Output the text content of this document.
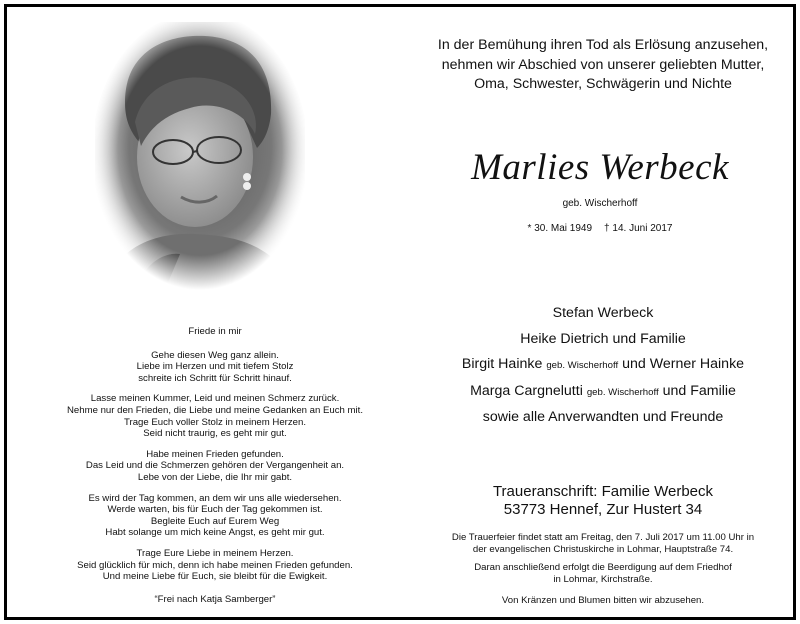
Friede in mir
Gehe diesen Weg ganz allein.
Liebe im Herzen und mit tiefem Stolz
schreite ich Schritt für Schritt hinauf.
Lasse meinen Kummer, Leid und meinen Schmerz zurück.
Nehme nur den Frieden, die Liebe und meine Gedanken an Euch mit.
Trage Euch voller Stolz in meinem Herzen.
Seid nicht traurig, es geht mir gut.
Habe meinen Frieden gefunden.
Das Leid und die Schmerzen gehören der Vergangenheit an.
Lebe von der Liebe, die Ihr mir gabt.
Es wird der Tag kommen, an dem wir uns alle wiedersehen.
Werde warten, bis für Euch der Tag gekommen ist.
Begleite Euch auf Eurem Weg
Habt solange um mich keine Angst, es geht mir gut.
Trage Eure Liebe in meinem Herzen.
Seid glücklich für mich, denn ich habe meinen Frieden gefunden.
Und meine Liebe für Euch, sie bleibt für die Ewigkeit.
“Frei nach Katja Samberger”
In der Bemühung ihren Tod als Erlösung anzusehen,
nehmen wir Abschied von unserer geliebten Mutter,
Oma, Schwester, Schwägerin und Nichte
Marlies Werbeck
geb. Wischerhoff
* 30. Mai 1949 † 14. Juni 2017
Stefan Werbeck
Heike Dietrich und Familie
Birgit Hainke geb. Wischerhoff und Werner Hainke
Marga Cargnelutti geb. Wischerhoff und Familie
sowie alle Anverwandten und Freunde
Traueranschrift: Familie Werbeck
53773 Hennef, Zur Hustert 34
Die Trauerfeier findet statt am Freitag, den 7. Juli 2017 um 11.00 Uhr in
der evangelischen Christuskirche in Lohmar, Hauptstraße 74.
Daran anschließend erfolgt die Beerdigung auf dem Friedhof
in Lohmar, Kirchstraße.
Von Kränzen und Blumen bitten wir abzusehen.
